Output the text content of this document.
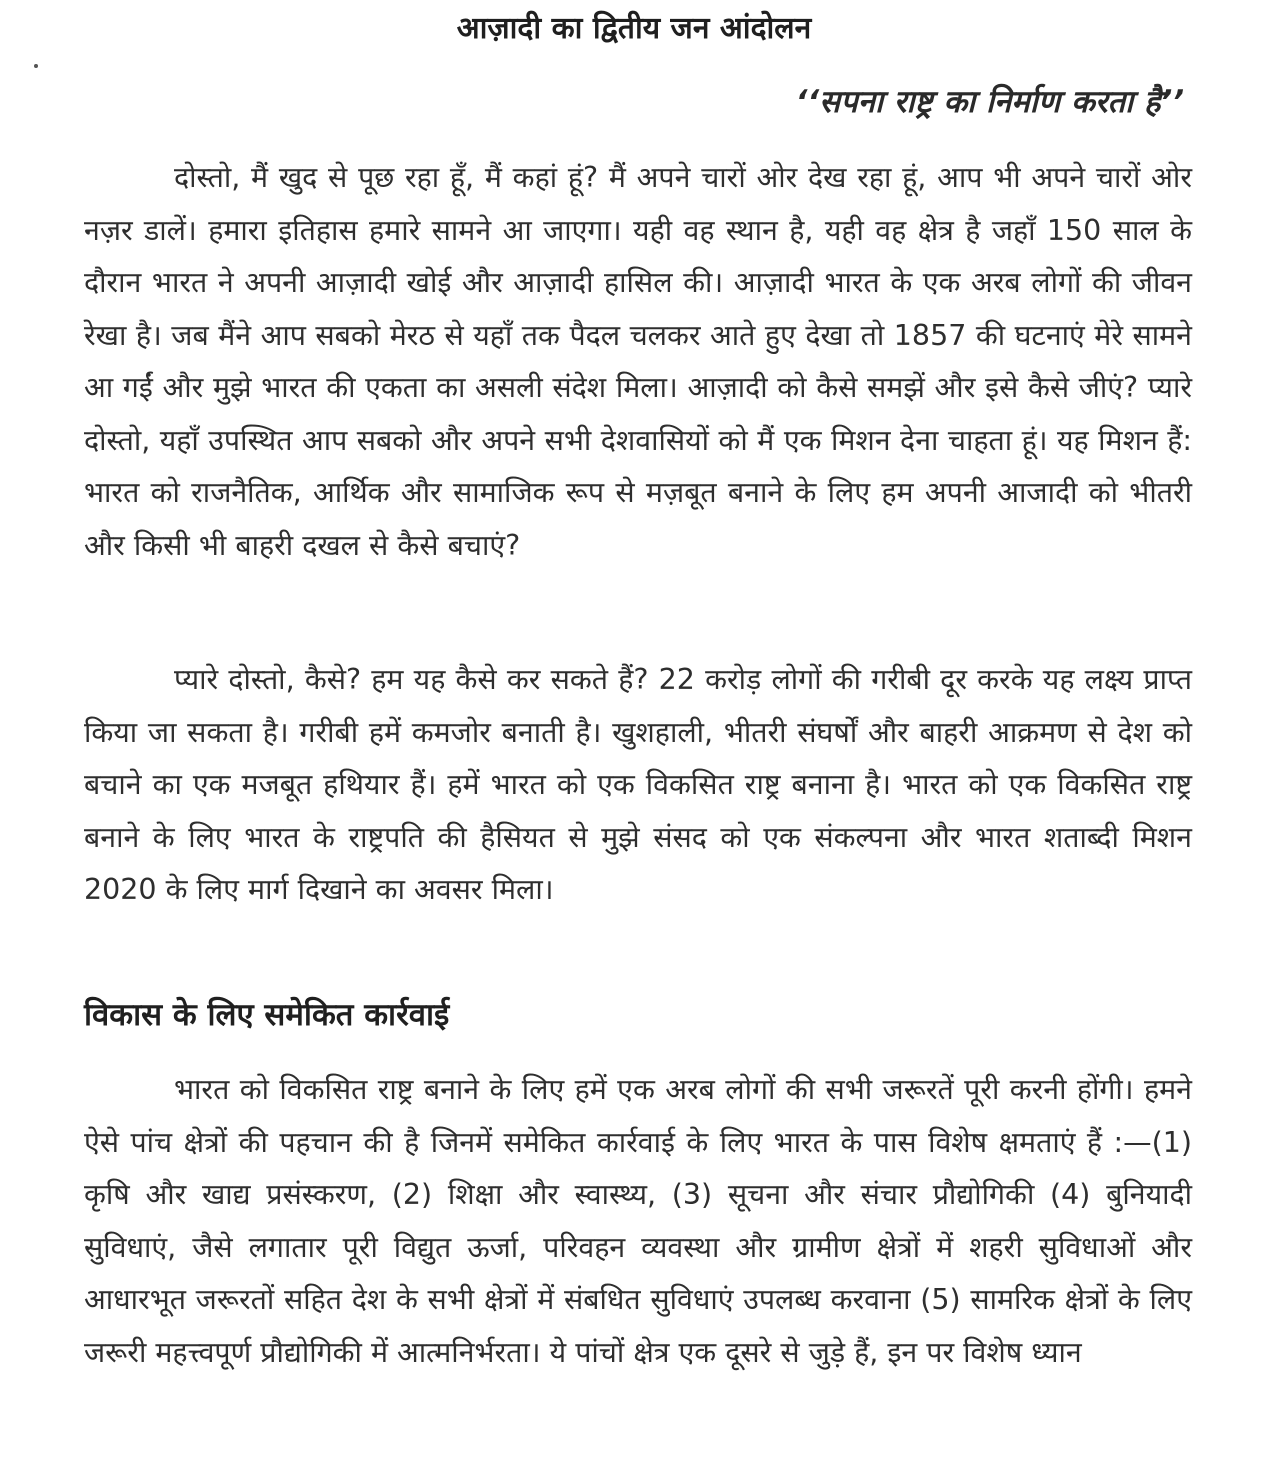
आज़ादी का द्वितीय जन आंदोलन
‘‘सपना राष्ट्र का निर्माण करता है’’

दोस्तो, मैं खुद से पूछ रहा हूँ, मैं कहां हूं? मैं अपने चारों ओर देख रहा हूं, आप भी अपने चारों ओर नज़र डालें। हमारा इतिहास हमारे सामने आ जाएगा। यही वह स्थान है, यही वह क्षेत्र है जहाँ 150 साल के दौरान भारत ने अपनी आज़ादी खोई और आज़ादी हासिल की। आज़ादी भारत के एक अरब लोगों की जीवन रेखा है। जब मैंने आप सबको मेरठ से यहाँ तक पैदल चलकर आते हुए देखा तो 1857 की घटनाएं मेरे सामने आ गईं और मुझे भारत की एकता का असली संदेश मिला। आज़ादी को कैसे समझें और इसे कैसे जीएं? प्यारे दोस्तो, यहाँ उपस्थित आप सबको और अपने सभी देशवासियों को मैं एक मिशन देना चाहता हूं। यह मिशन हैं: भारत को राजनैतिक, आर्थिक और सामाजिक रूप से मज़बूत बनाने के लिए हम अपनी आजादी को भीतरी और किसी भी बाहरी दखल से कैसे बचाएं?

प्यारे दोस्तो, कैसे? हम यह कैसे कर सकते हैं? 22 करोड़ लोगों की गरीबी दूर करके यह लक्ष्य प्राप्त किया जा सकता है। गरीबी हमें कमजोर बनाती है। खुशहाली, भीतरी संघर्षों और बाहरी आक्रमण से देश को बचाने का एक मजबूत हथियार हैं। हमें भारत को एक विकसित राष्ट्र बनाना है। भारत को एक विकसित राष्ट्र बनाने के लिए भारत के राष्ट्रपति की हैसियत से मुझे संसद को एक संकल्पना और भारत शताब्दी मिशन 2020 के लिए मार्ग दिखाने का अवसर मिला।

विकास के लिए समेकित कार्रवाई

भारत को विकसित राष्ट्र बनाने के लिए हमें एक अरब लोगों की सभी जरूरतें पूरी करनी होंगी। हमने ऐसे पांच क्षेत्रों की पहचान की है जिनमें समेकित कार्रवाई के लिए भारत के पास विशेष क्षमताएं हैं :—(1) कृषि और खाद्य प्रसंस्करण, (2) शिक्षा और स्वास्थ्य, (3) सूचना और संचार प्रौद्योगिकी (4) बुनियादी सुविधाएं, जैसे लगातार पूरी विद्युत ऊर्जा, परिवहन व्यवस्था और ग्रामीण क्षेत्रों में शहरी सुविधाओं और आधारभूत जरूरतों सहित देश के सभी क्षेत्रों में संबधित सुविधाएं उपलब्ध करवाना (5) सामरिक क्षेत्रों के लिए जरूरी महत्त्वपूर्ण प्रौद्योगिकी में आत्मनिर्भरता। ये पांचों क्षेत्र एक दूसरे से जुड़े हैं, इन पर विशेष ध्यान
